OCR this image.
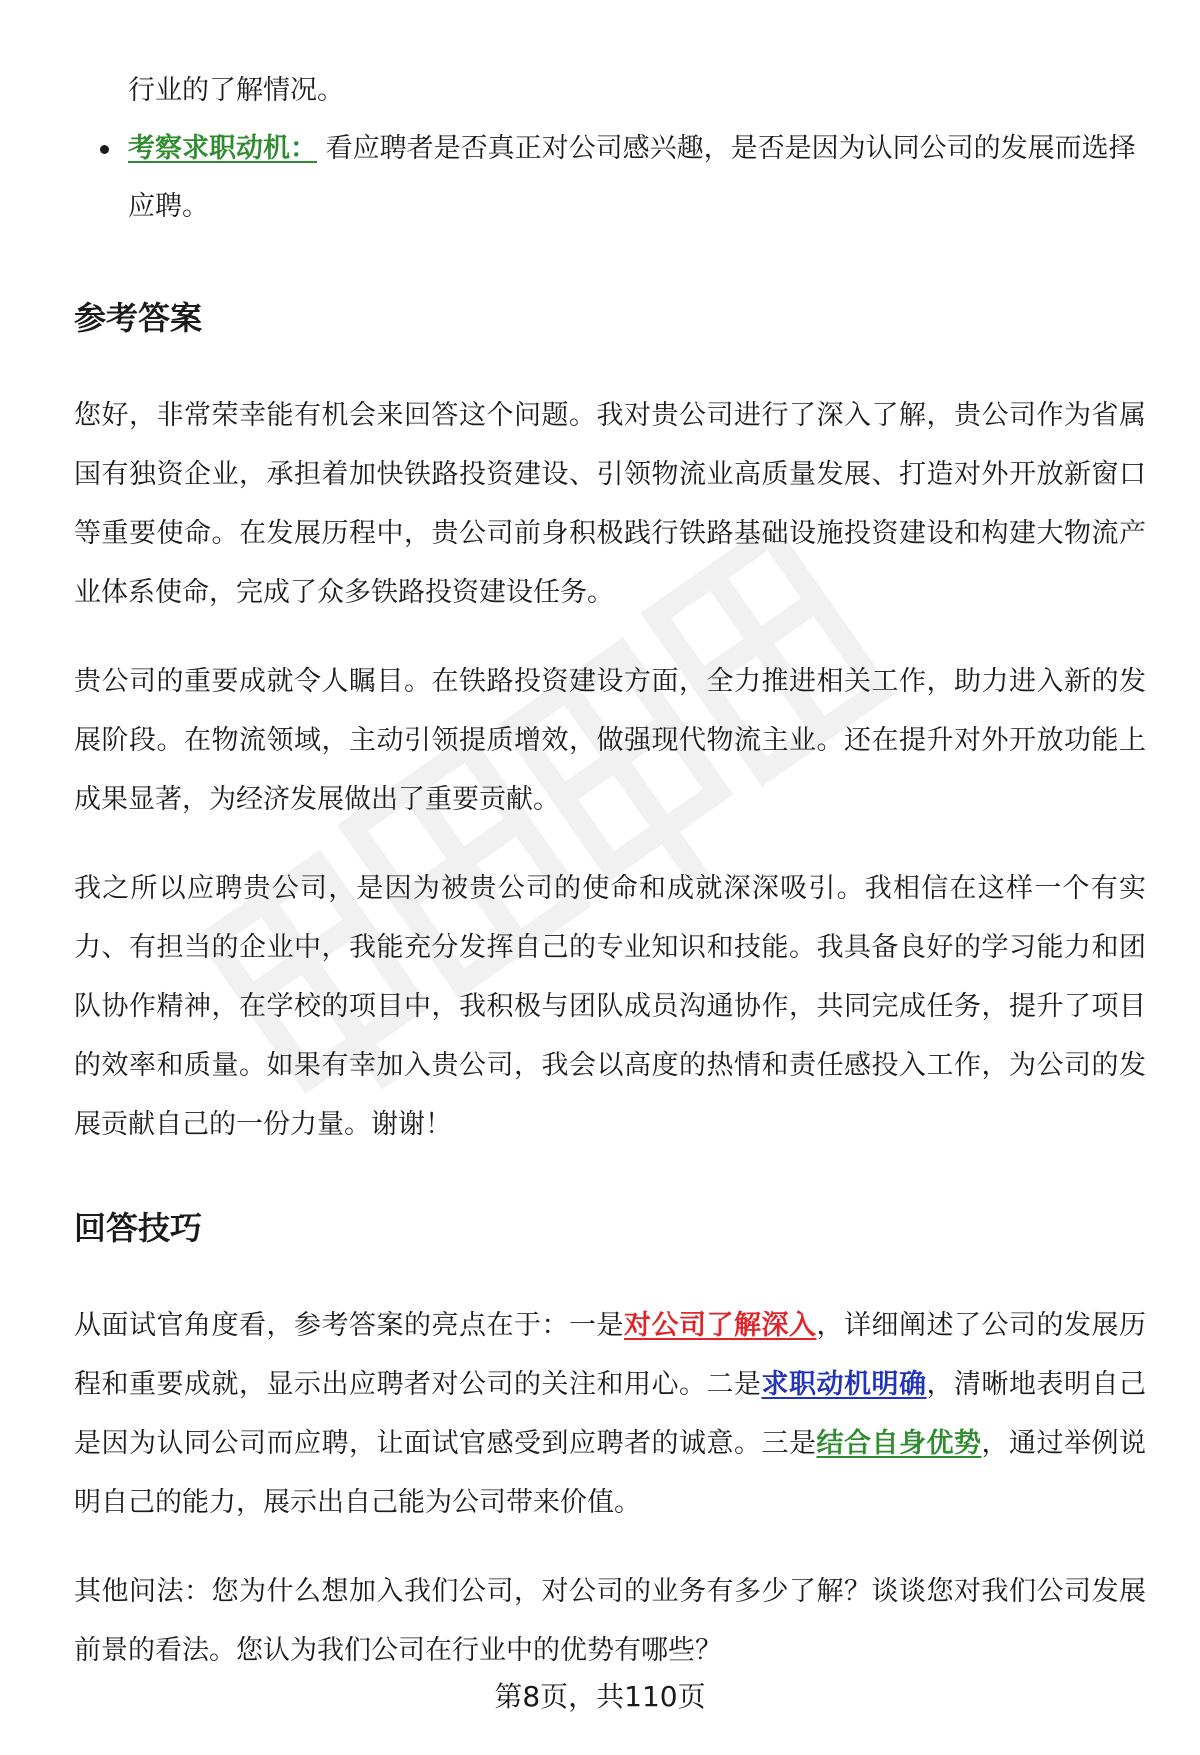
行业的了解情况。
考察求职动机： 看应聘者是否真正对公司感兴趣，是否是因为认同公司的发展而选择应聘。
参考答案

您好，非常荣幸能有机会来回答这个问题。我对贵公司进行了深入了解，贵公司作为省属国有独资企业，承担着加快铁路投资建设、引领物流业高质量发展、打造对外开放新窗口等重要使命。在发展历程中，贵公司前身积极践行铁路基础设施投资建设和构建大物流产业体系使命，完成了众多铁路投资建设任务。

贵公司的重要成就令人瞩目。在铁路投资建设方面，全力推进相关工作，助力进入新的发展阶段。在物流领域，主动引领提质增效，做强现代物流主业。还在提升对外开放功能上成果显著，为经济发展做出了重要贡献。

我之所以应聘贵公司，是因为被贵公司的使命和成就深深吸引。我相信在这样一个有实力、有担当的企业中，我能充分发挥自己的专业知识和技能。我具备良好的学习能力和团队协作精神，在学校的项目中，我积极与团队成员沟通协作，共同完成任务，提升了项目的效率和质量。如果有幸加入贵公司，我会以高度的热情和责任感投入工作，为公司的发展贡献自己的一份力量。谢谢！

回答技巧

从面试官角度看，参考答案的亮点在于：一是对公司了解深入，详细阐述了公司的发展历程和重要成就，显示出应聘者对公司的关注和用心。二是求职动机明确，清晰地表明自己是因为认同公司而应聘，让面试官感受到应聘者的诚意。三是结合自身优势，通过举例说明自己的能力，展示出自己能为公司带来价值。

其他问法：您为什么想加入我们公司，对公司的业务有多少了解？谈谈您对我们公司发展前景的看法。您认为我们公司在行业中的优势有哪些？

第8页，共110页
